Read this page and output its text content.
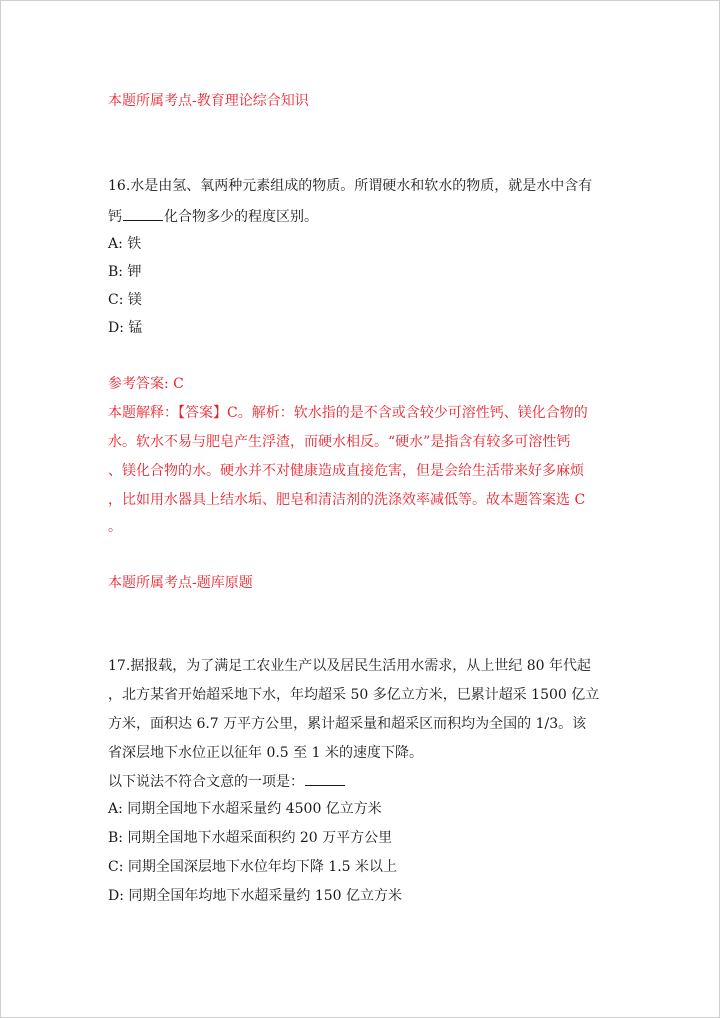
本题所属考点-教育理论综合知识
16.水是由氢、氧两种元素组成的物质。所谓硬水和软水的物质，就是水中含有
钙	化合物多少的程度区别。
A: 铁
B: 钾
C: 镁
D: 锰
参考答案: C
本题解释：【答案】C。解析：软水指的是不含或含较少可溶性钙、镁化合物的
水。软水不易与肥皂产生浮渣，而硬水相反。“硬水”是指含有较多可溶性钙
、镁化合物的水。硬水并不对健康造成直接危害，但是会给生活带来好多麻烦
，比如用水器具上结水垢、肥皂和清洁剂的洗涤效率减低等。故本题答案选 C
。
本题所属考点-题库原题
17.据报载，为了满足工农业生产以及居民生活用水需求，从上世纪 80 年代起
，北方某省开始超采地下水，年均超采 50 多亿立方米，巳累计超采 1500 亿立
方米，面积达 6.7 万平方公里，累计超采量和超采区而积均为全国的 1/3。该
省深层地下水位正以征年 0.5 至 1 米的速度下降。
以下说法不符合文意的一项是：
A: 同期全国地下水超采量约 4500 亿立方米
B: 同期全国地下水超采面积约 20 万平方公里
C: 同期全国深层地下水位年均下降 1.5 米以上
D: 同期全国年均地下水超采量约 150 亿立方米
